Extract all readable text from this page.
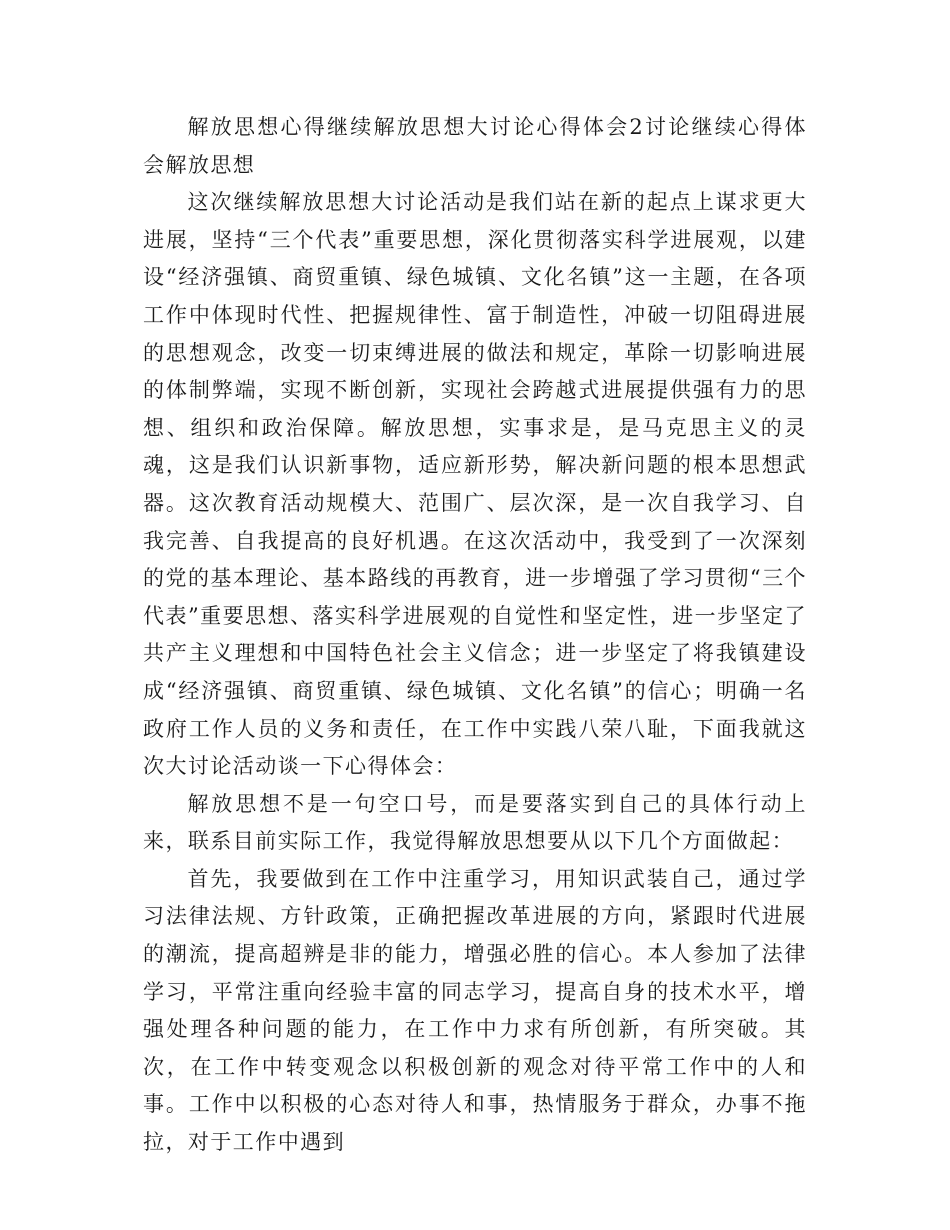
解放思想心得继续解放思想大讨论心得体会2讨论继续心得体会解放思想

这次继续解放思想大讨论活动是我们站在新的起点上谋求更大进展，坚持“三个代表”重要思想，深化贯彻落实科学进展观，以建设“经济强镇、商贸重镇、绿色城镇、文化名镇”这一主题，在各项工作中体现时代性、把握规律性、富于制造性，冲破一切阻碍进展的思想观念，改变一切束缚进展的做法和规定，革除一切影响进展的体制弊端，实现不断创新，实现社会跨越式进展提供强有力的思想、组织和政治保障。解放思想，实事求是，是马克思主义的灵魂，这是我们认识新事物，适应新形势，解决新问题的根本思想武器。这次教育活动规模大、范围广、层次深，是一次自我学习、自我完善、自我提高的良好机遇。在这次活动中，我受到了一次深刻的党的基本理论、基本路线的再教育，进一步增强了学习贯彻“三个代表”重要思想、落实科学进展观的自觉性和坚定性，进一步坚定了共产主义理想和中国特色社会主义信念；进一步坚定了将我镇建设成“经济强镇、商贸重镇、绿色城镇、文化名镇”的信心；明确一名政府工作人员的义务和责任，在工作中实践八荣八耻，下面我就这次大讨论活动谈一下心得体会：

解放思想不是一句空口号，而是要落实到自己的具体行动上来，联系目前实际工作，我觉得解放思想要从以下几个方面做起：

首先，我要做到在工作中注重学习，用知识武装自己，通过学习法律法规、方针政策，正确把握改革进展的方向，紧跟时代进展的潮流，提高超辨是非的能力，增强必胜的信心。本人参加了法律学习，平常注重向经验丰富的同志学习，提高自身的技术水平，增强处理各种问题的能力，在工作中力求有所创新，有所突破。其次，在工作中转变观念以积极创新的观念对待平常工作中的人和事。工作中以积极的心态对待人和事，热情服务于群众，办事不拖拉，对于工作中遇到
